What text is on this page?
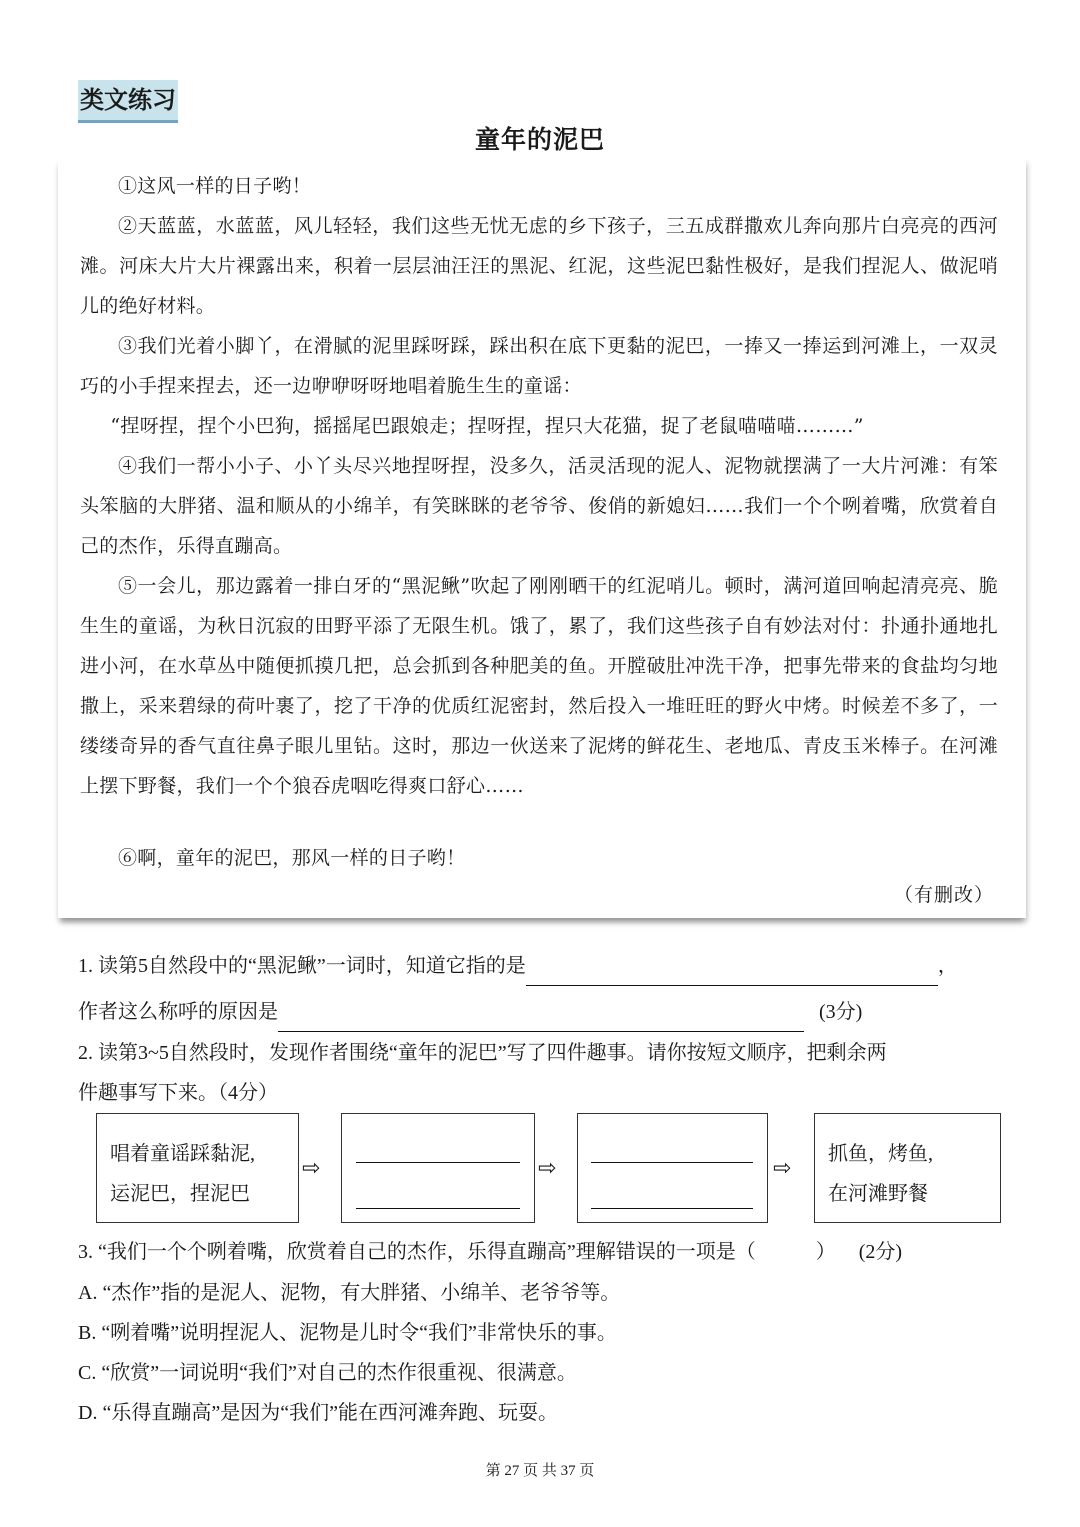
类文练习
童年的泥巴
①这风一样的日子哟！
②天蓝蓝，水蓝蓝，风儿轻轻，我们这些无忧无虑的乡下孩子，三五成群撒欢儿奔向那片白亮亮的西河滩。河床大片大片裸露出来，积着一层层油汪汪的黑泥、红泥，这些泥巴黏性极好，是我们捏泥人、做泥哨儿的绝好材料。
③我们光着小脚丫，在滑腻的泥里踩呀踩，踩出积在底下更黏的泥巴，一捧又一捧运到河滩上，一双灵巧的小手捏来捏去，还一边咿咿呀呀地唱着脆生生的童谣：
“捏呀捏，捏个小巴狗，摇摇尾巴跟娘走；捏呀捏，捏只大花猫，捉了老鼠喵喵喵………”
④我们一帮小小子、小丫头尽兴地捏呀捏，没多久，活灵活现的泥人、泥物就摆满了一大片河滩：有笨头笨脑的大胖猪、温和顺从的小绵羊，有笑眯眯的老爷爷、俊俏的新媳妇……我们一个个咧着嘴，欣赏着自己的杰作，乐得直蹦高。
⑤一会儿，那边露着一排白牙的“黑泥鳅”吹起了刚刚晒干的红泥哨儿。顿时，满河道回响起清亮亮、脆生生的童谣，为秋日沉寂的田野平添了无限生机。饿了，累了，我们这些孩子自有妙法对付：扑通扑通地扎进小河，在水草丛中随便抓摸几把，总会抓到各种肥美的鱼。开膛破肚冲洗干净，把事先带来的食盐均匀地撒上，采来碧绿的荷叶裹了，挖了干净的优质红泥密封，然后投入一堆旺旺的野火中烤。时候差不多了，一缕缕奇异的香气直往鼻子眼儿里钻。这时，那边一伙送来了泥烤的鲜花生、老地瓜、青皮玉米棒子。在河滩上摆下野餐，我们一个个狼吞虎咽吃得爽口舒心……
⑥啊，童年的泥巴，那风一样的日子哟！
（有删改）
1. 读第5自然段中的“黑泥鳅”一词时，知道它指的是	，
作者这么称呼的原因是	(3分)
2. 读第3~5自然段时，发现作者围绕“童年的泥巴”写了四件趣事。请你按短文顺序，把剩余两
件趣事写下来。（4分）
唱着童谣踩黏泥,
运泥巴，捏泥巴
⇨	⇨	⇨
抓鱼，烤鱼,
在河滩野餐
3. “我们一个个咧着嘴，欣赏着自己的杰作，乐得直蹦高”理解错误的一项是（	） (2分)
A. “杰作”指的是泥人、泥物，有大胖猪、小绵羊、老爷爷等。
B. “咧着嘴”说明捏泥人、泥物是儿时令“我们”非常快乐的事。
C. “欣赏”一词说明“我们”对自己的杰作很重视、很满意。
D. “乐得直蹦高”是因为“我们”能在西河滩奔跑、玩耍。
第 27 页 共 37 页
